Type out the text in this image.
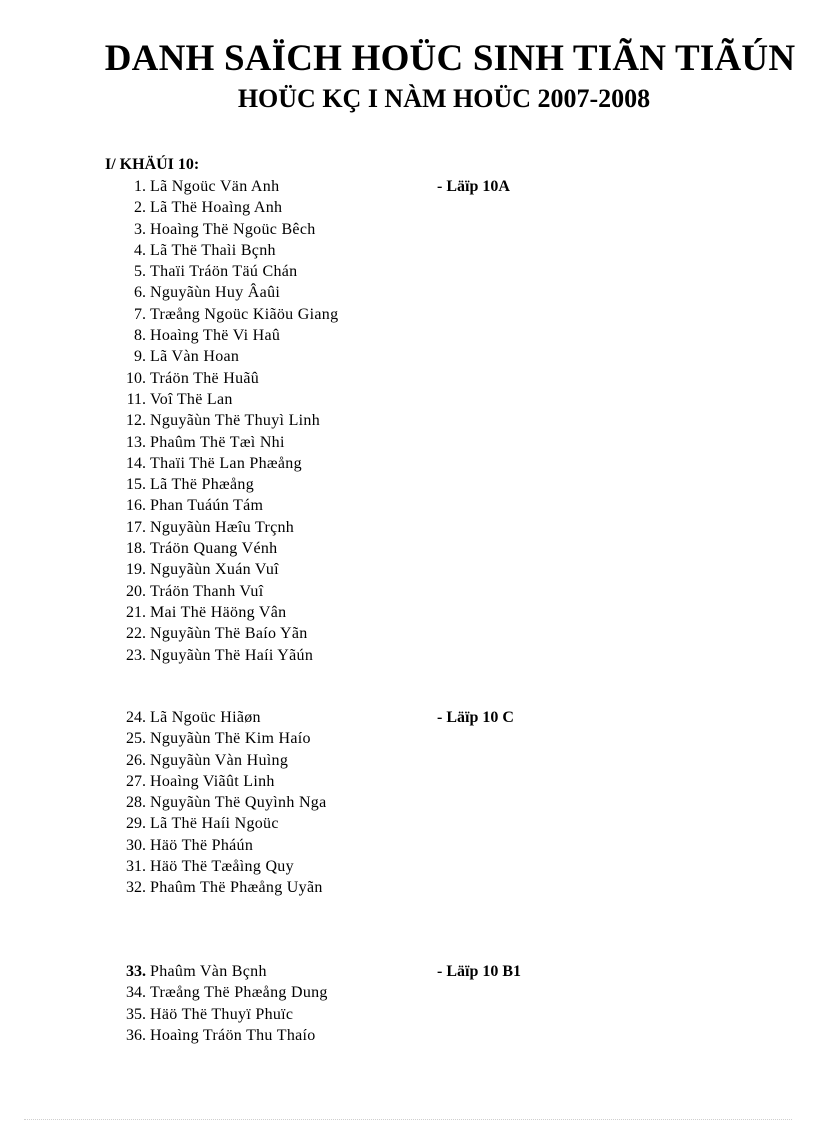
DANH SAÏCH HOÜC SINH TIÃN TIÃÚN
HOÜC KÇ I NÀM HOÜC 2007-2008
I/ KHÄÚI 10:
1. Lã Ngoüc Vän Anh	- Läïp 10A
2. Lã Thë Hoaìng Anh
3. Hoaìng Thë Ngoüc Bêch
4. Lã Thë Thaìi Bçnh
5. Thaïi Tráön Täú Chán
6. Nguyãùn Huy Âaûi
7. Træång Ngoüc Kiãöu Giang
8. Hoaìng Thë Vi Haû
9. Lã Vàn Hoan
10. Tráön Thë Huãû
11. Voî Thë Lan
12. Nguyãùn Thë Thuyì Linh
13. Phaûm Thë Tæì Nhi
14. Thaïi Thë Lan Phæång
15. Lã Thë Phæång
16. Phan Tuáún Tám
17. Nguyãùn Hæîu Trçnh
18. Tráön Quang Vénh
19. Nguyãùn Xuán Vuî
20. Tráön Thanh Vuî
21. Mai Thë Häöng Vân
22. Nguyãùn Thë Baío Yãn
23. Nguyãùn Thë Haíi Yãún
24. Lã Ngoüc Hiãøn	- Läïp 10 C
25. Nguyãùn Thë Kim Haío
26. Nguyãùn Vàn Huìng
27. Hoaìng Viãût Linh
28. Nguyãùn Thë Quyình Nga
29. Lã Thë Haíi Ngoüc
30. Häö Thë Pháún
31. Häö Thë Tæåìng Quy
32. Phaûm Thë Phæång Uyãn
33. Phaûm Vàn Bçnh	- Läïp 10 B1
34. Træång Thë Phæång Dung
35. Häö Thë Thuyï Phuïc
36. Hoaìng Tráön Thu Thaío
